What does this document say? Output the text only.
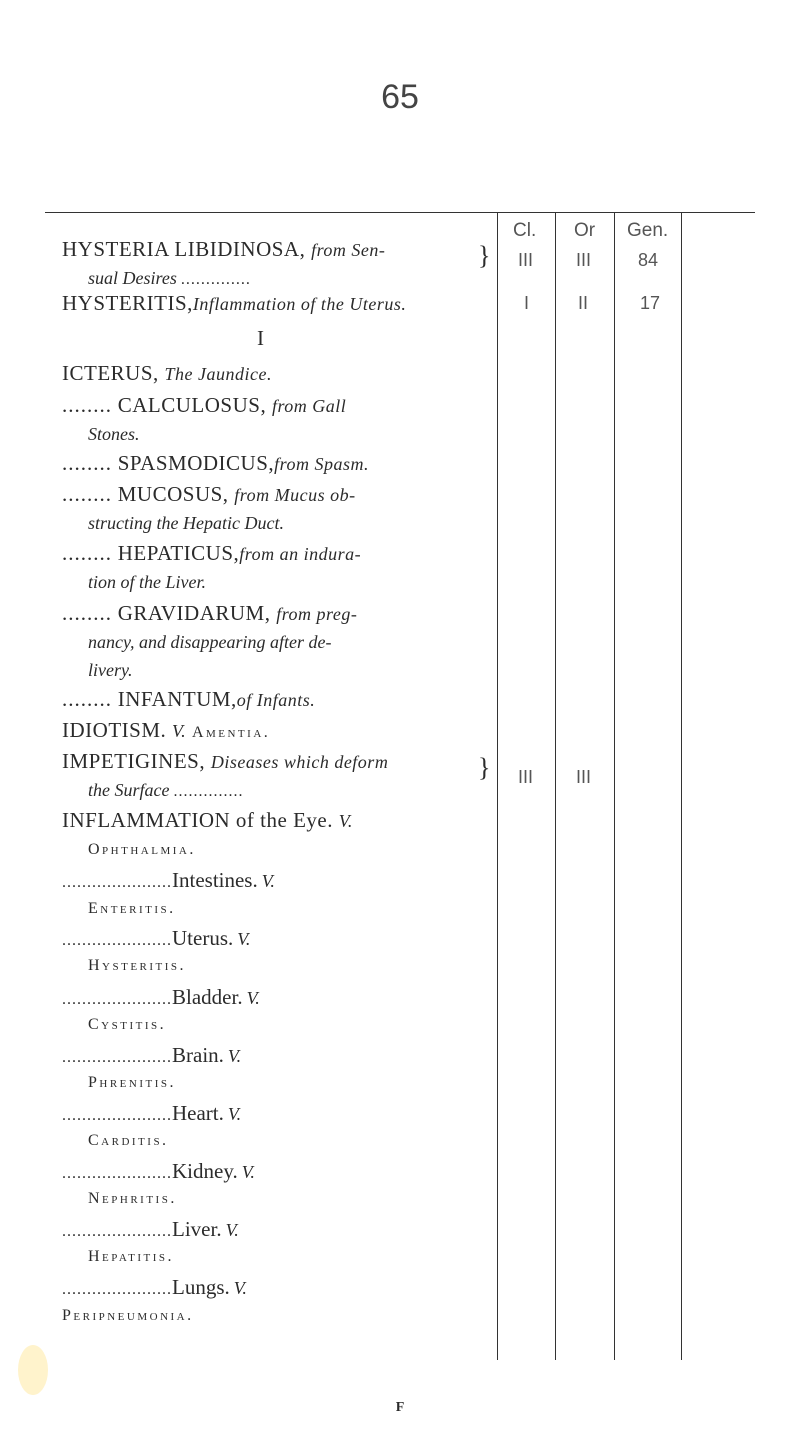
65
Cl. Or Gen.
HYSTERIA LIBIDINOSA, from Sen-
sual Desires ..............
} III III	84
HYSTERITIS,Inflammation of the Uterus.	I	II	17
I
ICTERUS, The Jaundice.
........ CALCULOSUS, from Gall
Stones.
........ SPASMODICUS,from Spasm.
........ MUCOSUS, from Mucus ob-
structing the Hepatic Duct.
........ HEPATICUS,from an indura-
tion of the Liver.
........ GRAVIDARUM, from preg-
nancy, and disappearing after de-
livery.
........ INFANTUM,of Infants.
IDIOTISM. V. Amentia.
IMPETIGINES, Diseases which deform
the Surface ..............
} III III
INFLAMMATION of the Eye. V.
Ophthalmia.
......................Intestines. V.
Enteritis.
......................Uterus. V.
Hysteritis.
......................Bladder. V.
Cystitis.
......................Brain. V.
Phrenitis.
......................Heart. V.
Carditis.
......................Kidney. V.
Nephritis.
......................Liver. V.
Hepatitis.
......................Lungs. V.
Peripneumonia.
F
